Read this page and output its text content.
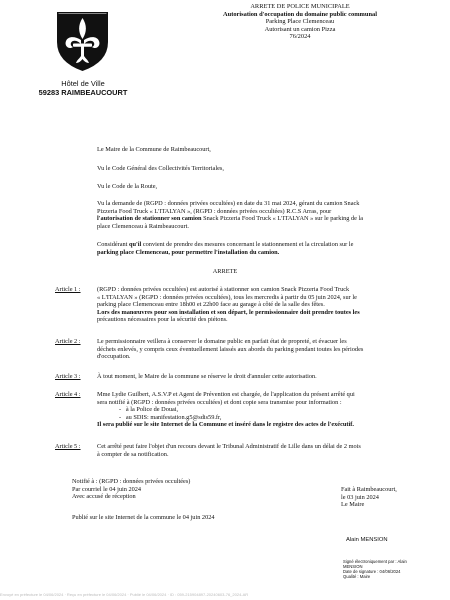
ARRETE DE POLICE MUNICIPALE
Autorisation d'occupation du domaine public communal
Parking Place Clemenceau
Autorisant un camion Pizza
76/2024
Hôtel de Ville
59283 RAIMBEAUCOURT
Le Maire de la Commune de Raimbeaucourt,
Vu le Code Général des Collectivités Territoriales,
Vu le Code de la Route,
Vu la demande de (RGPD : données privées occultées) en date du 31 mai 2024, gérant du camion Snack
Pizzeria Food Truck « L'ITALYAN », (RGPD : données privées occultées) R.C.S Arras, pour
l'autorisation de stationner son camion Snack Pizzeria Food Truck « L'ITALYAN » sur le parking de la
place Clemenceau à Raimbeaucourt.
Considérant qu'il convient de prendre des mesures concernant le stationnement et la circulation sur le
parking place Clemenceau, pour permettre l'installation du camion.
ARRETE
Article 1 :	(RGPD : données privées occultées) est autorisé à stationner son camion Snack Pizzeria Food Truck
« L'ITALYAN » (RGPD : données privées occultées), tous les mercredis à partir du 05 juin 2024, sur le
parking place Clemenceau entre 18h00 et 22h00 face au garage à côté de la salle des fêtes.
Lors des manœuvres pour son installation et son départ, le permissionnaire doit prendre toutes les
précautions nécessaires pour la sécurité des piétons.
Article 2 :	Le permissionnaire veillera à conserver le domaine public en parfait état de propreté, et évacuer les
déchets enlevés, y compris ceux éventuellement laissés aux abords du parking pendant toutes les périodes
d'occupation.
Article 3 :	À tout moment, le Maire de la commune se réserve le droit d'annuler cette autorisation.
Article 4 :	Mme Lydie Guilbert, A.S.V.P et Agent de Prévention est chargée, de l'application du présent arrêté qui
sera notifié à (RGPD : données privées occultées) et dont copie sera transmise pour information :
-   à la Police de Douai,
-   au SDIS: manifestation.g5@sdis59.fr,
Il sera publié sur le site Internet de la Commune et inséré dans le registre des actes de l'exécutif.
Article 5 :	Cet arrêté peut faire l'objet d'un recours devant le Tribunal Administratif de Lille dans un délai de 2 mois
à compter de sa notification.
Notifié à : (RGPD : données privées occultées)
Par courriel le 04 juin 2024
Avec accusé de réception
Publié sur le site Internet de la commune le 04 juin 2024
Fait à Raimbeaucourt,
le 03 juin 2024
Le Maire
Alain MENSION
Signé électroniquement par : Alain
MENSION
Date de signature : 04/06/2024
Qualité : Maire
Envoyé en préfecture le 04/06/2024 · Reçu en préfecture le 04/06/2024 · Publié le 04/06/2024 · ID : 059-215904897-20240603-76_2024-AR
